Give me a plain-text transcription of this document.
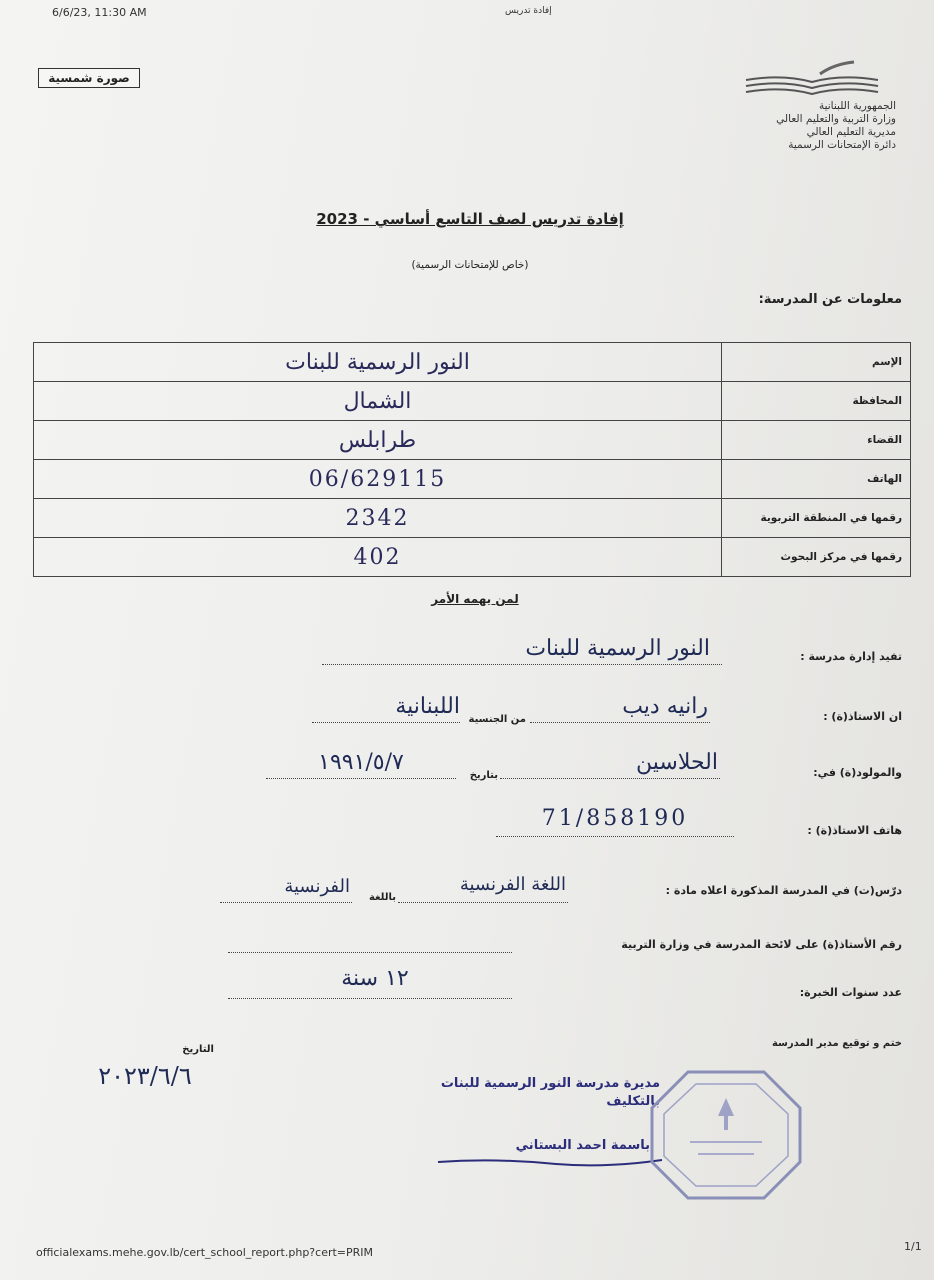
6/6/23, 11:30 AM	إفادة تدريس
صورة شمسية
الجمهورية اللبنانية
وزارة التربية والتعليم العالي
مديرية التعليم العالي
دائرة الإمتحانات الرسمية
إفادة تدريس لصف التاسع أساسي - 2023
(خاص للإمتحانات الرسمية)
معلومات عن المدرسة:
الإسم	النور الرسمية للبنات
المحافظة	الشمال
القضاء	طرابلس
الهاتف	06/629115
رقمها في المنطقة التربوية	2342
رقمها في مركز البحوث	402
لمن يهمه الأمر
تفيد إدارة مدرسة :
النور الرسمية للبنات
ان الاستاذ(ة) :
رانيه ديب
من الجنسية
اللبنانية
والمولود(ة) في:
الحلاسين
بتاريخ
١٩٩١/٥/٧
هاتف الاستاذ(ة) :
71/858190
درّس(ت) في المدرسة المذكورة اعلاه مادة :
اللغة الفرنسية
باللغة
الفرنسية
رقم الأستاذ(ة) على لائحة المدرسة في وزارة التربية
عدد سنوات الخبرة:
١٢ سنة
ختم و توقيع مدير المدرسة
التاريخ
٢٠٢٣/٦/٦	مديرة مدرسة النور الرسمية للبنات
بالتكليف
باسمة احمد البستاني
officialexams.mehe.gov.lb/cert_school_report.php?cert=PRIM	1/1
